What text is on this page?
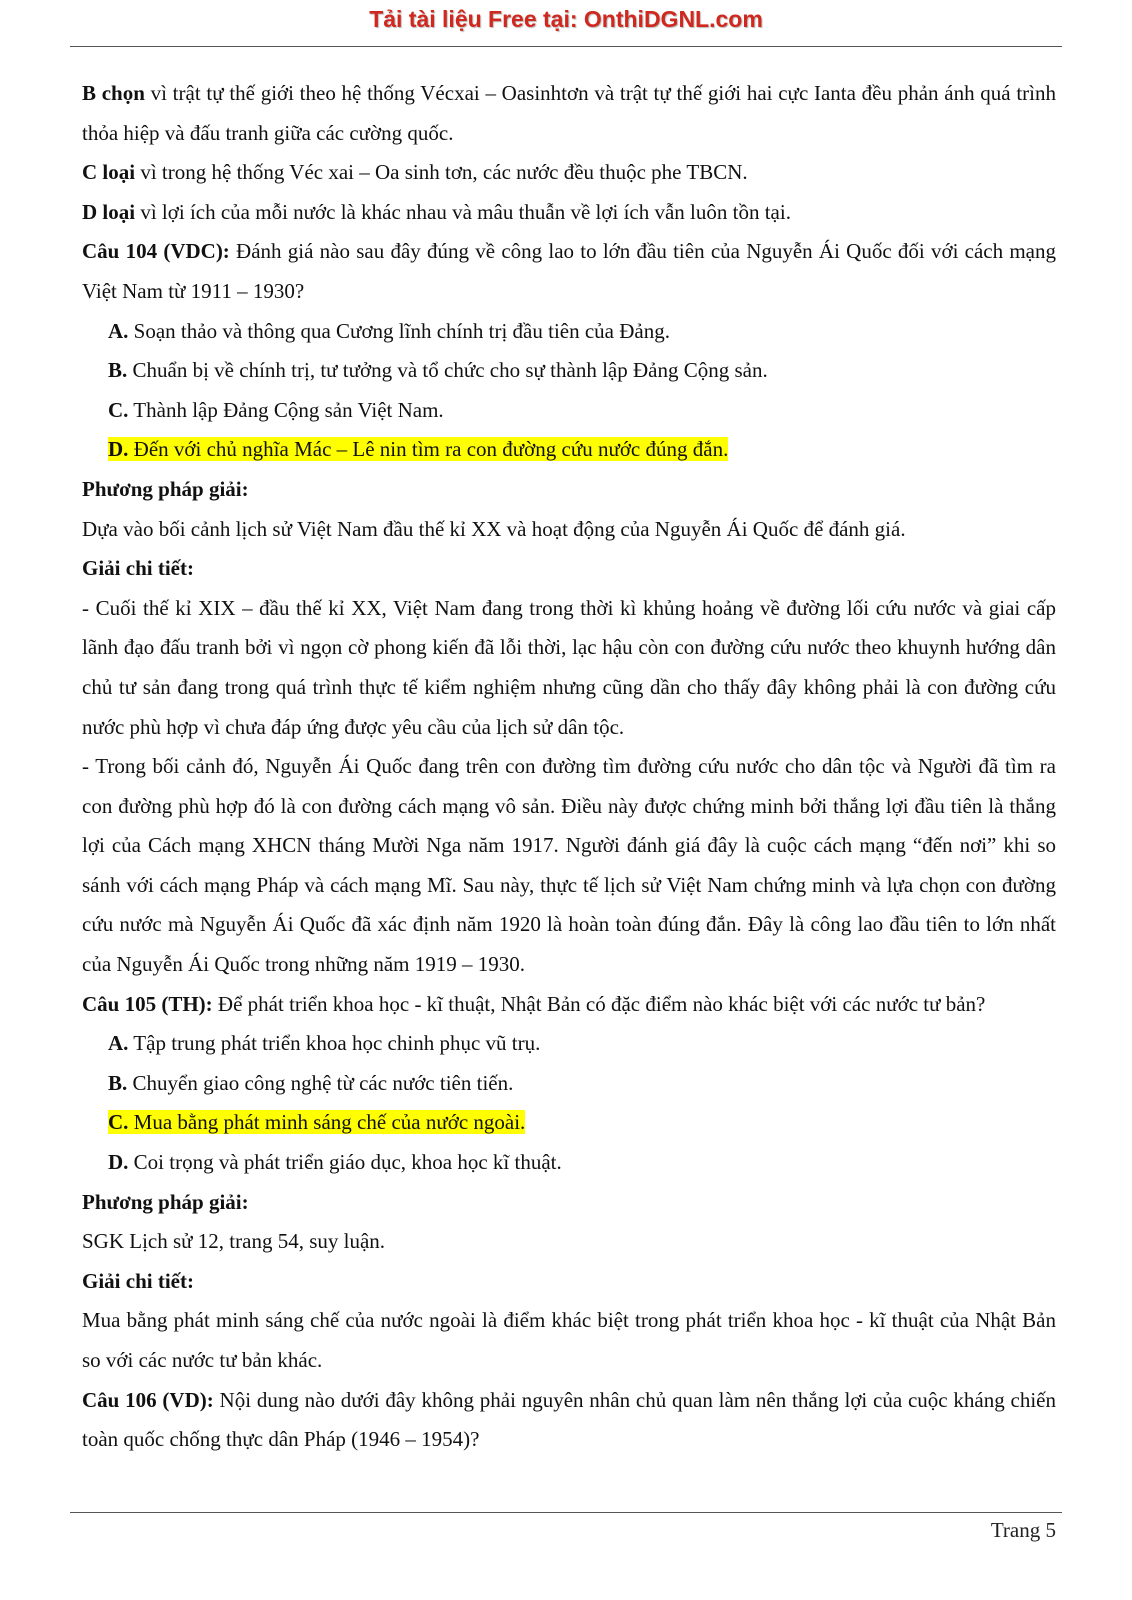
Tải tài liệu Free tại: OnthiDGNL.com

B chọn vì trật tự thế giới theo hệ thống Vécxai – Oasinhtơn và trật tự thế giới hai cực Ianta đều phản ánh quá trình thỏa hiệp và đấu tranh giữa các cường quốc.

C loại vì trong hệ thống Véc xai – Oa sinh tơn, các nước đều thuộc phe TBCN.

D loại vì lợi ích của mỗi nước là khác nhau và mâu thuẫn về lợi ích vẫn luôn tồn tại.

Câu 104 (VDC): Đánh giá nào sau đây đúng về công lao to lớn đầu tiên của Nguyễn Ái Quốc đối với cách mạng Việt Nam từ 1911 – 1930?

A. Soạn thảo và thông qua Cương lĩnh chính trị đầu tiên của Đảng.

B. Chuẩn bị về chính trị, tư tưởng và tổ chức cho sự thành lập Đảng Cộng sản.

C. Thành lập Đảng Cộng sản Việt Nam.

D. Đến với chủ nghĩa Mác – Lê nin tìm ra con đường cứu nước đúng đắn.

Phương pháp giải:

Dựa vào bối cảnh lịch sử Việt Nam đầu thế kỉ XX và hoạt động của Nguyễn Ái Quốc để đánh giá.

Giải chi tiết:

- Cuối thế kỉ XIX – đầu thế kỉ XX, Việt Nam đang trong thời kì khủng hoảng về đường lối cứu nước và giai cấp lãnh đạo đấu tranh bởi vì ngọn cờ phong kiến đã lỗi thời, lạc hậu còn con đường cứu nước theo khuynh hướng dân chủ tư sản đang trong quá trình thực tế kiểm nghiệm nhưng cũng dần cho thấy đây không phải là con đường cứu nước phù hợp vì chưa đáp ứng được yêu cầu của lịch sử dân tộc.

- Trong bối cảnh đó, Nguyễn Ái Quốc đang trên con đường tìm đường cứu nước cho dân tộc và Người đã tìm ra con đường phù hợp đó là con đường cách mạng vô sản. Điều này được chứng minh bởi thắng lợi đầu tiên là thắng lợi của Cách mạng XHCN tháng Mười Nga năm 1917. Người đánh giá đây là cuộc cách mạng “đến nơi” khi so sánh với cách mạng Pháp và cách mạng Mĩ. Sau này, thực tế lịch sử Việt Nam chứng minh và lựa chọn con đường cứu nước mà Nguyễn Ái Quốc đã xác định năm 1920 là hoàn toàn đúng đắn. Đây là công lao đầu tiên to lớn nhất của Nguyễn Ái Quốc trong những năm 1919 – 1930.

Câu 105 (TH): Để phát triển khoa học - kĩ thuật, Nhật Bản có đặc điểm nào khác biệt với các nước tư bản?

A. Tập trung phát triển khoa học chinh phục vũ trụ.

B. Chuyển giao công nghệ từ các nước tiên tiến.

C. Mua bằng phát minh sáng chế của nước ngoài.

D. Coi trọng và phát triển giáo dục, khoa học kĩ thuật.

Phương pháp giải:

SGK Lịch sử 12, trang 54, suy luận.

Giải chi tiết:

Mua bằng phát minh sáng chế của nước ngoài là điểm khác biệt trong phát triển khoa học - kĩ thuật của Nhật Bản so với các nước tư bản khác.

Câu 106 (VD): Nội dung nào dưới đây không phải nguyên nhân chủ quan làm nên thắng lợi của cuộc kháng chiến toàn quốc chống thực dân Pháp (1946 – 1954)?

Trang 5
